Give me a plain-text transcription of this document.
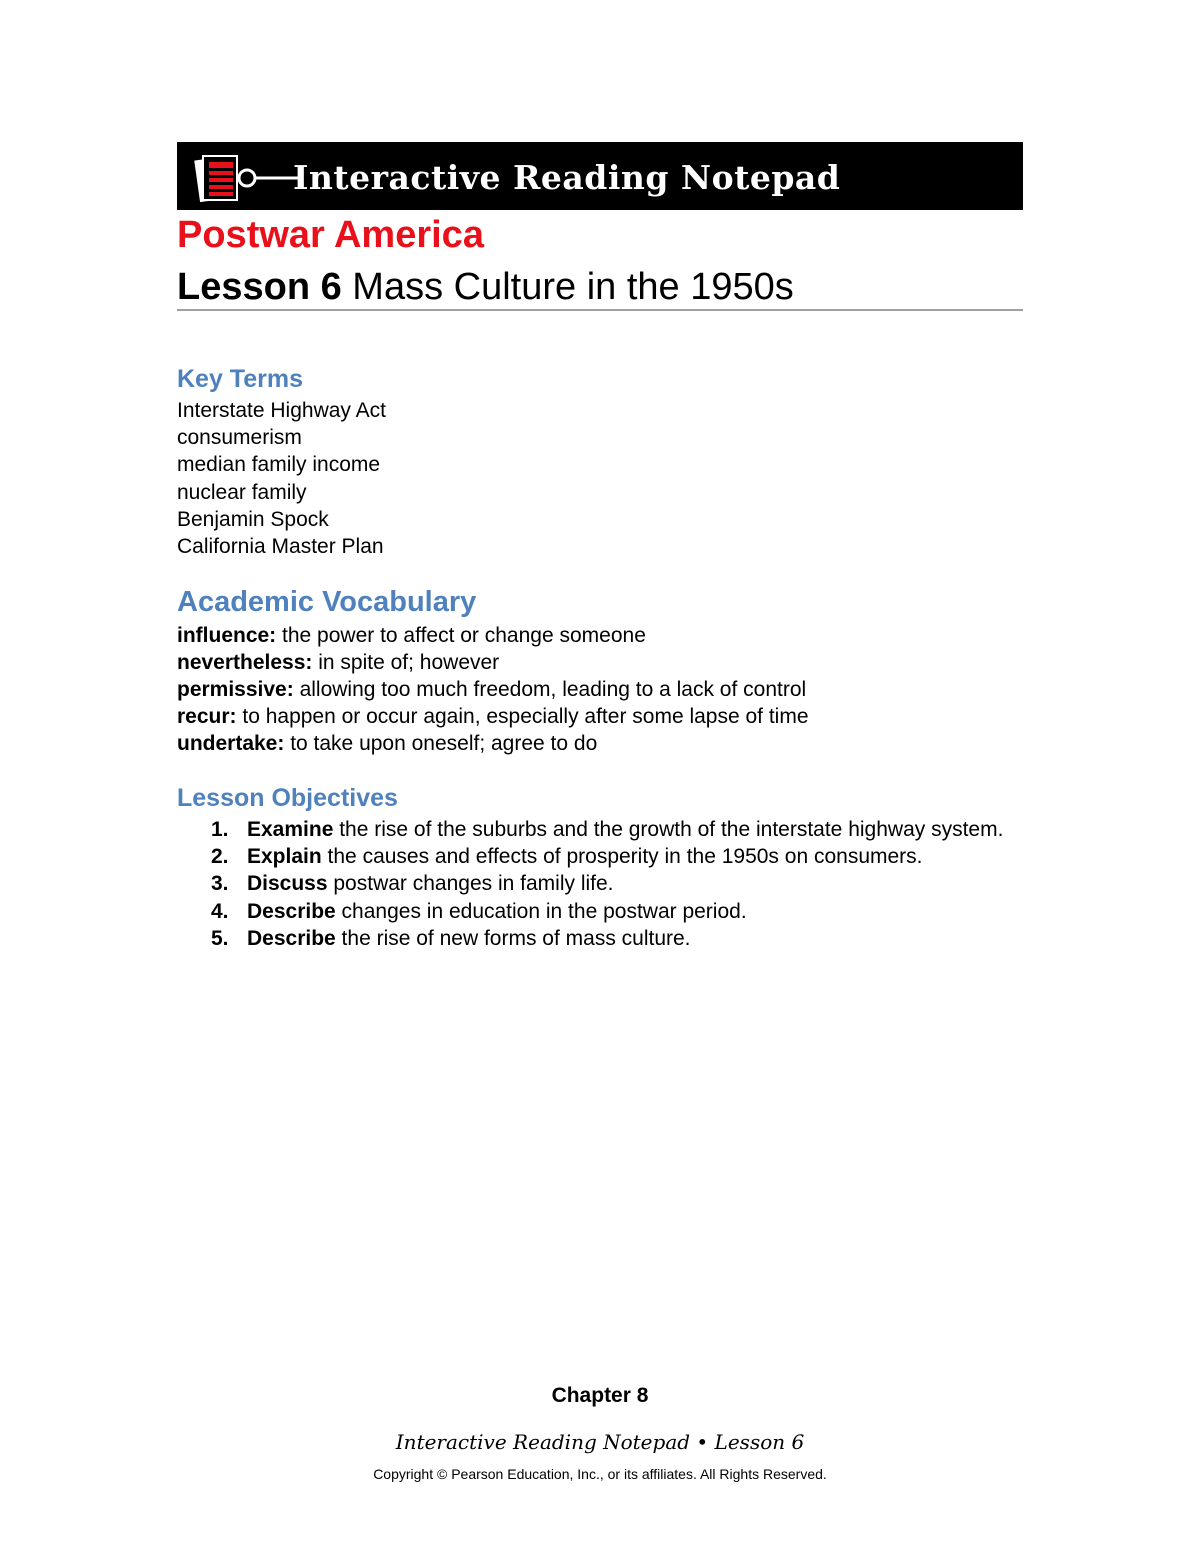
Interactive Reading Notepad
Postwar America
Lesson 6 Mass Culture in the 1950s
Key Terms
Interstate Highway Act
consumerism
median family income
nuclear family
Benjamin Spock
California Master Plan
Academic Vocabulary
influence: the power to affect or change someone
nevertheless: in spite of; however
permissive: allowing too much freedom, leading to a lack of control
recur: to happen or occur again, especially after some lapse of time
undertake: to take upon oneself; agree to do
Lesson Objectives
1. Examine the rise of the suburbs and the growth of the interstate highway system.
2. Explain the causes and effects of prosperity in the 1950s on consumers.
3. Discuss postwar changes in family life.
4. Describe changes in education in the postwar period.
5. Describe the rise of new forms of mass culture.
Chapter 8
Interactive Reading Notepad • Lesson 6
Copyright © Pearson Education, Inc., or its affiliates. All Rights Reserved.
